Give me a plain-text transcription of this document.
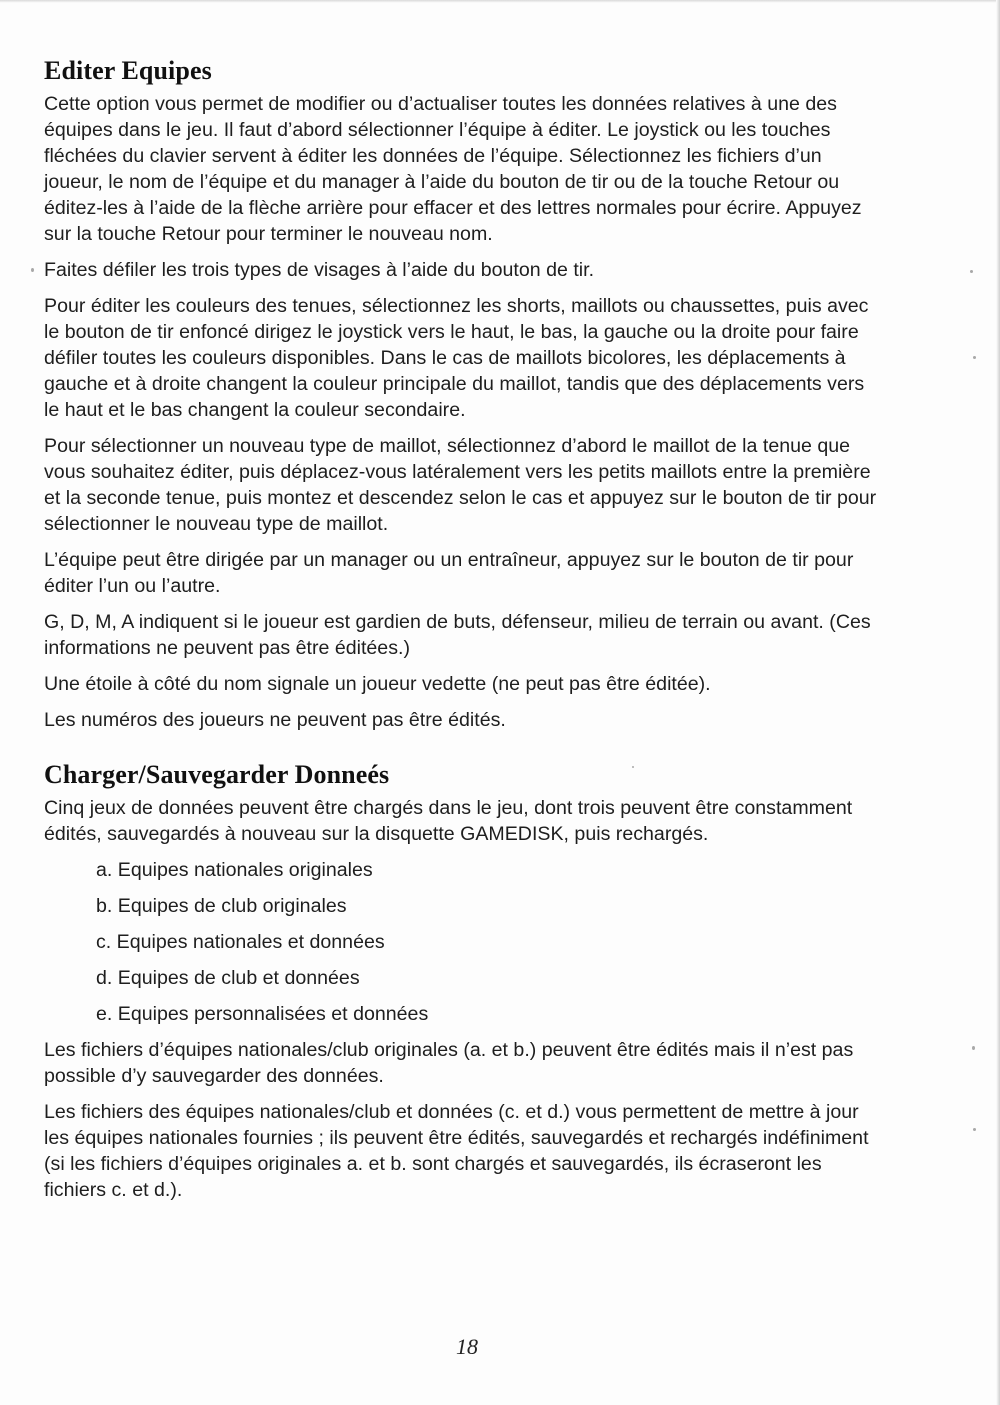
Editer Equipes

Cette option vous permet de modifier ou d’actualiser toutes les données relatives à une des équipes dans le jeu. Il faut d’abord sélectionner l’équipe à éditer. Le joystick ou les touches fléchées du clavier servent à éditer les données de l’équipe. Sélectionnez les fichiers d’un joueur, le nom de l’équipe et du manager à l’aide du bouton de tir ou de la touche Retour ou éditez-les à l’aide de la flèche arrière pour effacer et des lettres normales pour écrire. Appuyez sur la touche Retour pour terminer le nouveau nom.

Faites défiler les trois types de visages à l’aide du bouton de tir.

Pour éditer les couleurs des tenues, sélectionnez les shorts, maillots ou chaussettes, puis avec le bouton de tir enfoncé dirigez le joystick vers le haut, le bas, la gauche ou la droite pour faire défiler toutes les couleurs disponibles. Dans le cas de maillots bicolores, les déplacements à gauche et à droite changent la couleur principale du maillot, tandis que des déplacements vers le haut et le bas changent la couleur secondaire.

Pour sélectionner un nouveau type de maillot, sélectionnez d’abord le maillot de la tenue que vous souhaitez éditer, puis déplacez-vous latéralement vers les petits maillots entre la première et la seconde tenue, puis montez et descendez selon le cas et appuyez sur le bouton de tir pour sélectionner le nouveau type de maillot.

L’équipe peut être dirigée par un manager ou un entraîneur, appuyez sur le bouton de tir pour éditer l’un ou l’autre.

G, D, M, A indiquent si le joueur est gardien de buts, défenseur, milieu de terrain ou avant. (Ces informations ne peuvent pas être éditées.)

Une étoile à côté du nom signale un joueur vedette (ne peut pas être éditée).

Les numéros des joueurs ne peuvent pas être édités.

Charger/Sauvegarder Donneés

Cinq jeux de données peuvent être chargés dans le jeu, dont trois peuvent être constamment édités, sauvegardés à nouveau sur la disquette GAMEDISK, puis rechargés.

a. Equipes nationales originales
b. Equipes de club originales
c. Equipes nationales et données
d. Equipes de club et données
e. Equipes personnalisées et données

Les fichiers d’équipes nationales/club originales (a. et b.) peuvent être édités mais il n’est pas possible d’y sauvegarder des données.

Les fichiers des équipes nationales/club et données (c. et d.) vous permettent de mettre à jour les équipes nationales fournies ; ils peuvent être édités, sauvegardés et rechargés indéfiniment (si les fichiers d’équipes originales a. et b. sont chargés et sauvegardés, ils écraseront les fichiers c. et d.).

18
